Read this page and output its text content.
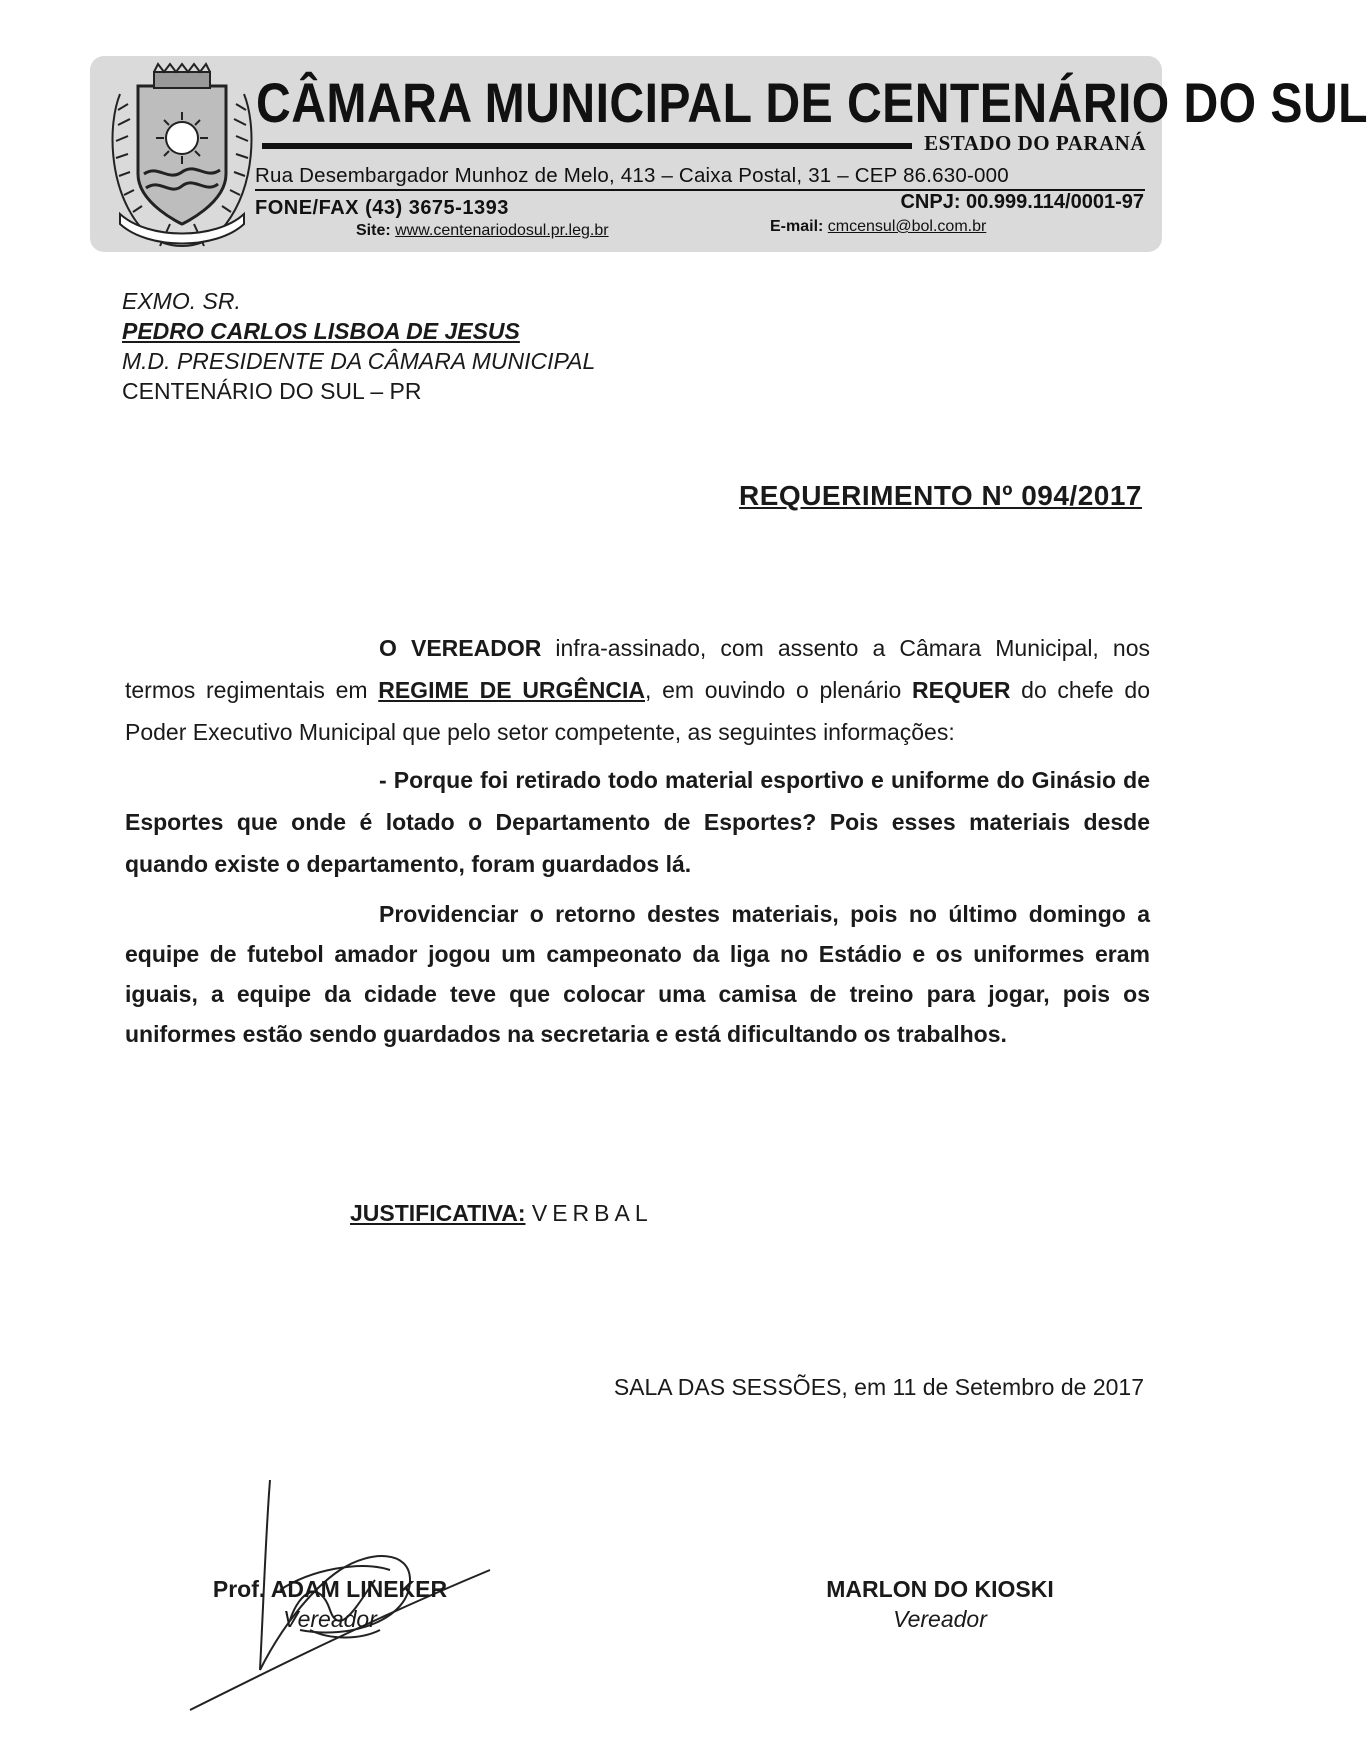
CÂMARA MUNICIPAL DE CENTENÁRIO DO SUL
ESTADO DO PARANÁ
Rua Desembargador Munhoz de Melo, 413 – Caixa Postal, 31 – CEP 86.630-000
FONE/FAX (43) 3675-1393	CNPJ: 00.999.114/0001-97
Site: www.centenariodosul.pr.leg.br	E-mail: cmcensul@bol.com.br
EXMO. SR.
PEDRO CARLOS LISBOA DE JESUS
M.D. PRESIDENTE DA CÂMARA MUNICIPAL
CENTENÁRIO DO SUL – PR
REQUERIMENTO Nº 094/2017
O VEREADOR infra-assinado, com assento a Câmara Municipal, nos termos regimentais em REGIME DE URGÊNCIA, em ouvindo o plenário REQUER do chefe do Poder Executivo Municipal que pelo setor competente, as seguintes informações:
- Porque foi retirado todo material esportivo e uniforme do Ginásio de Esportes que onde é lotado o Departamento de Esportes? Pois esses materiais desde quando existe o departamento, foram guardados lá.
Providenciar o retorno destes materiais, pois no último domingo a equipe de futebol amador jogou um campeonato da liga no Estádio e os uniformes eram iguais, a equipe da cidade teve que colocar uma camisa de treino para jogar, pois os uniformes estão sendo guardados na secretaria e está dificultando os trabalhos.
JUSTIFICATIVA: VERBAL
SALA DAS SESSÕES, em 11 de Setembro de 2017
Prof. ADAM LINEKER
Vereador
MARLON DO KIOSKI
Vereador
